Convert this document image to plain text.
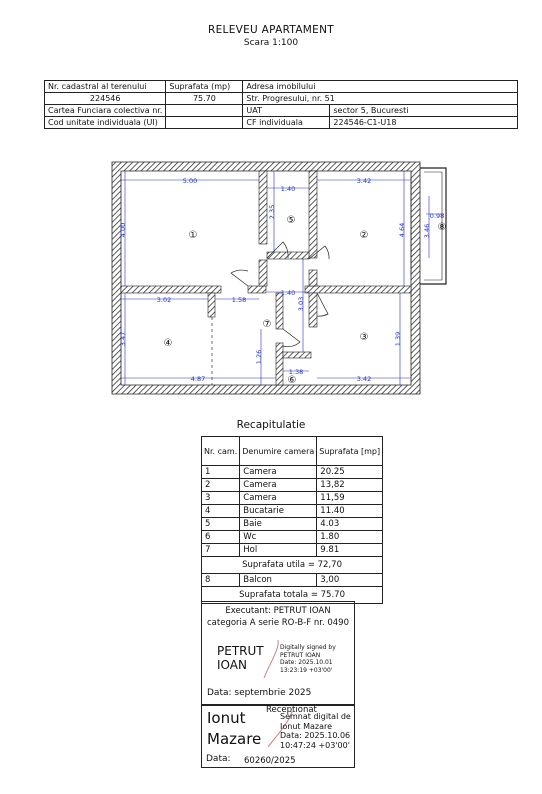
RELEVEU APARTAMENT
Scara 1:100
Nr. cadastral al terenului	Suprafata (mp)	Adresa imobilului	
224546	75.70	Str. Progresului, nr. 51	
Cartea Funciara colectiva nr.		UAT	sector 5, Bucuresti
Cod unitate individuala (UI)		CF individuala	224546-C1-U18
5.00
1.40
3.42
0.98
3.46
4.00
2.35
4.64
3.02	1.58
1.40
3.03
3.47	1.39
4.87
1.26
1.38
3.42
①	②
③
④
⑤
⑥
⑦
⑧
Recapitulatie
Nr. cam.	Denumire camera	Suprafata [mp]
1	Camera	20.25
2	Camera	13,82
3	Camera	11,59
4	Bucatarie	11.40
5	Baie	4.03
6	Wc	1.80
7	Hol	9.81
Suprafata utila = 72,70		
8	Balcon	3,00
Suprafata totala = 75.70		
Executant: PETRUT IOAN
categoria A serie RO-B-F nr. 0490
PETRUT
IOAN
Digitally signed by
PETRUT IOAN
Date: 2025.10.01
13:23:19 +03'00'
Data: septembrie 2025
Receptionat
Ionut
Mazare
Semnat digital de
Ionut Mazare
Data: 2025.10.06
10:47:24 +03'00'
Data: 60260/2025
